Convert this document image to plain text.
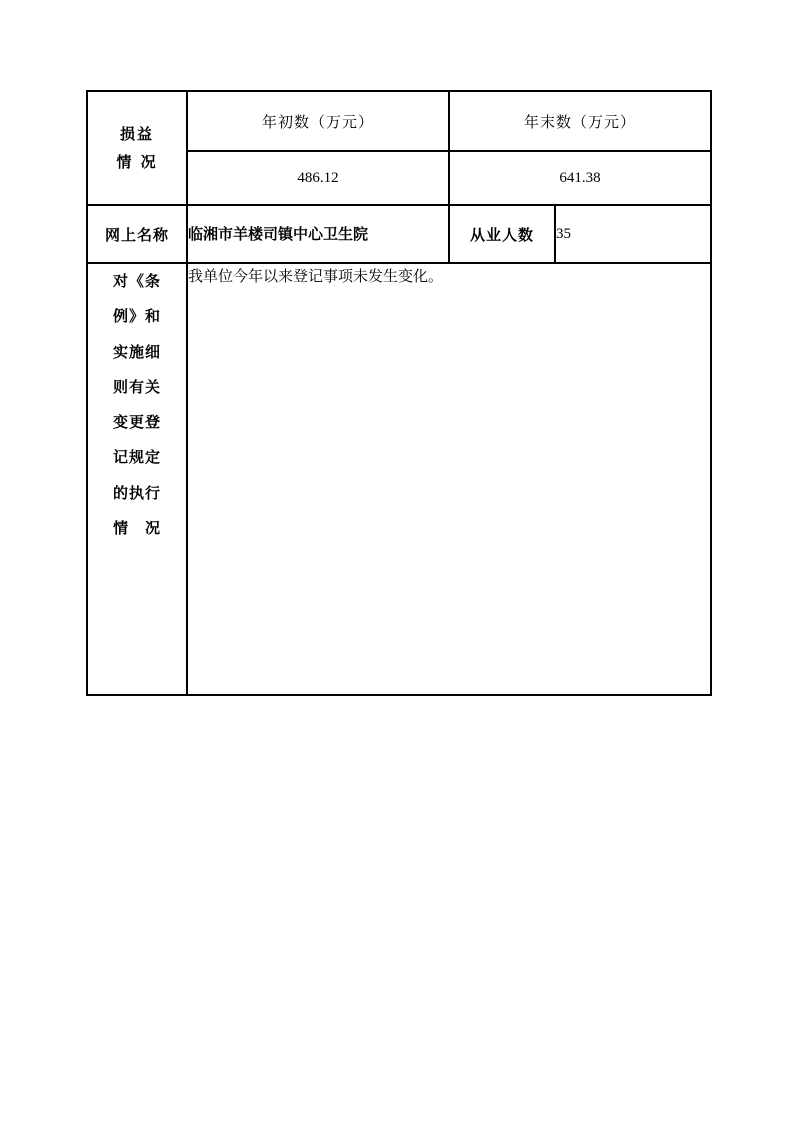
损益
情 况
	年初数（万元）	年末数（万元）
486.12	641.38
网上名称	临湘市羊楼司镇中心卫生院		从业人数	35

对《条
例》和
实施细
则有关
变更登
记规定
的执行
情　况
	我单位今年以来登记事项未发生变化。
